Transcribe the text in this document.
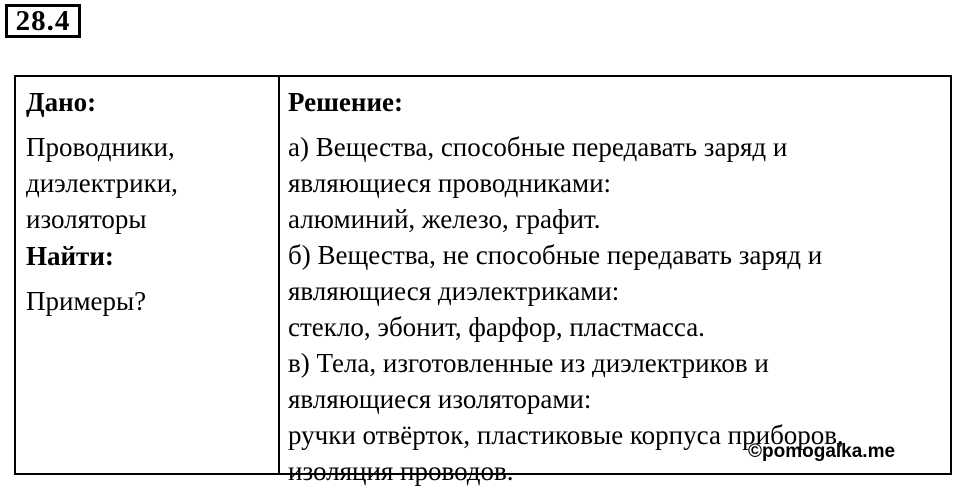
28.4
Дано:
Проводники,
диэлектрики,
изоляторы
Найти:
Примеры?
Решение:
а) Вещества, способные передавать заряд и
являющиеся проводниками:
алюминий, железо, графит.
б) Вещества, не способные передавать заряд и
являющиеся диэлектриками:
стекло, эбонит, фарфор, пластмасса.
в) Тела, изготовленные из диэлектриков и
являющиеся изоляторами:
ручки отвёрток, пластиковые корпуса приборов,
изоляция проводов.
©pomogalka.me
